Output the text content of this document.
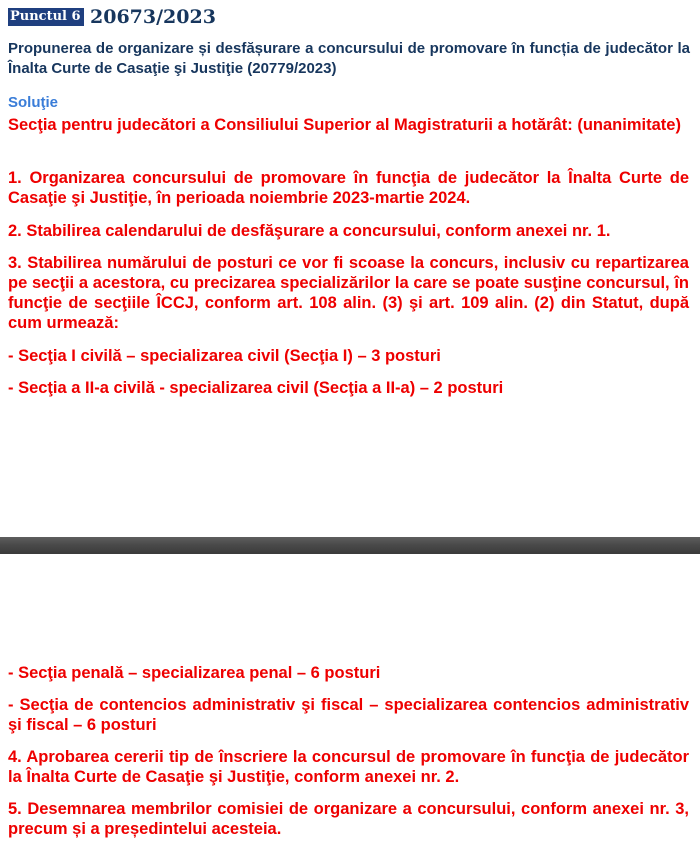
Punctul 6 20673/2023

Propunerea de organizare și desfășurare a concursului de promovare în funcția de judecător la Înalta Curte de Casaţie şi Justiţie (20779/2023)

Soluţie

Secţia pentru judecători a Consiliului Superior al Magistraturii a hotărât: (unanimitate)

1. Organizarea concursului de promovare în funcţia de judecător la Înalta Curte de Casaţie şi Justiţie, în perioada noiembrie 2023-martie 2024.

2. Stabilirea calendarului de desfăşurare a concursului, conform anexei nr. 1.

3. Stabilirea numărului de posturi ce vor fi scoase la concurs, inclusiv cu repartizarea pe secţii a acestora, cu precizarea specializărilor la care se poate susţine concursul, în funcţie de secţiile ÎCCJ, conform art. 108 alin. (3) şi art. 109 alin. (2) din Statut, după cum urmează:

- Secţia I civilă – specializarea civil (Secţia I) – 3 posturi

- Secţia a II-a civilă - specializarea civil (Secţia a II-a) – 2 posturi

- Secţia penală – specializarea penal – 6 posturi

- Secţia de contencios administrativ şi fiscal – specializarea contencios administrativ şi fiscal – 6 posturi

4. Aprobarea cererii tip de înscriere la concursul de promovare în funcţia de judecător la Înalta Curte de Casaţie şi Justiţie, conform anexei nr. 2.

5. Desemnarea membrilor comisiei de organizare a concursului, conform anexei nr. 3, precum și a președintelui acesteia.
